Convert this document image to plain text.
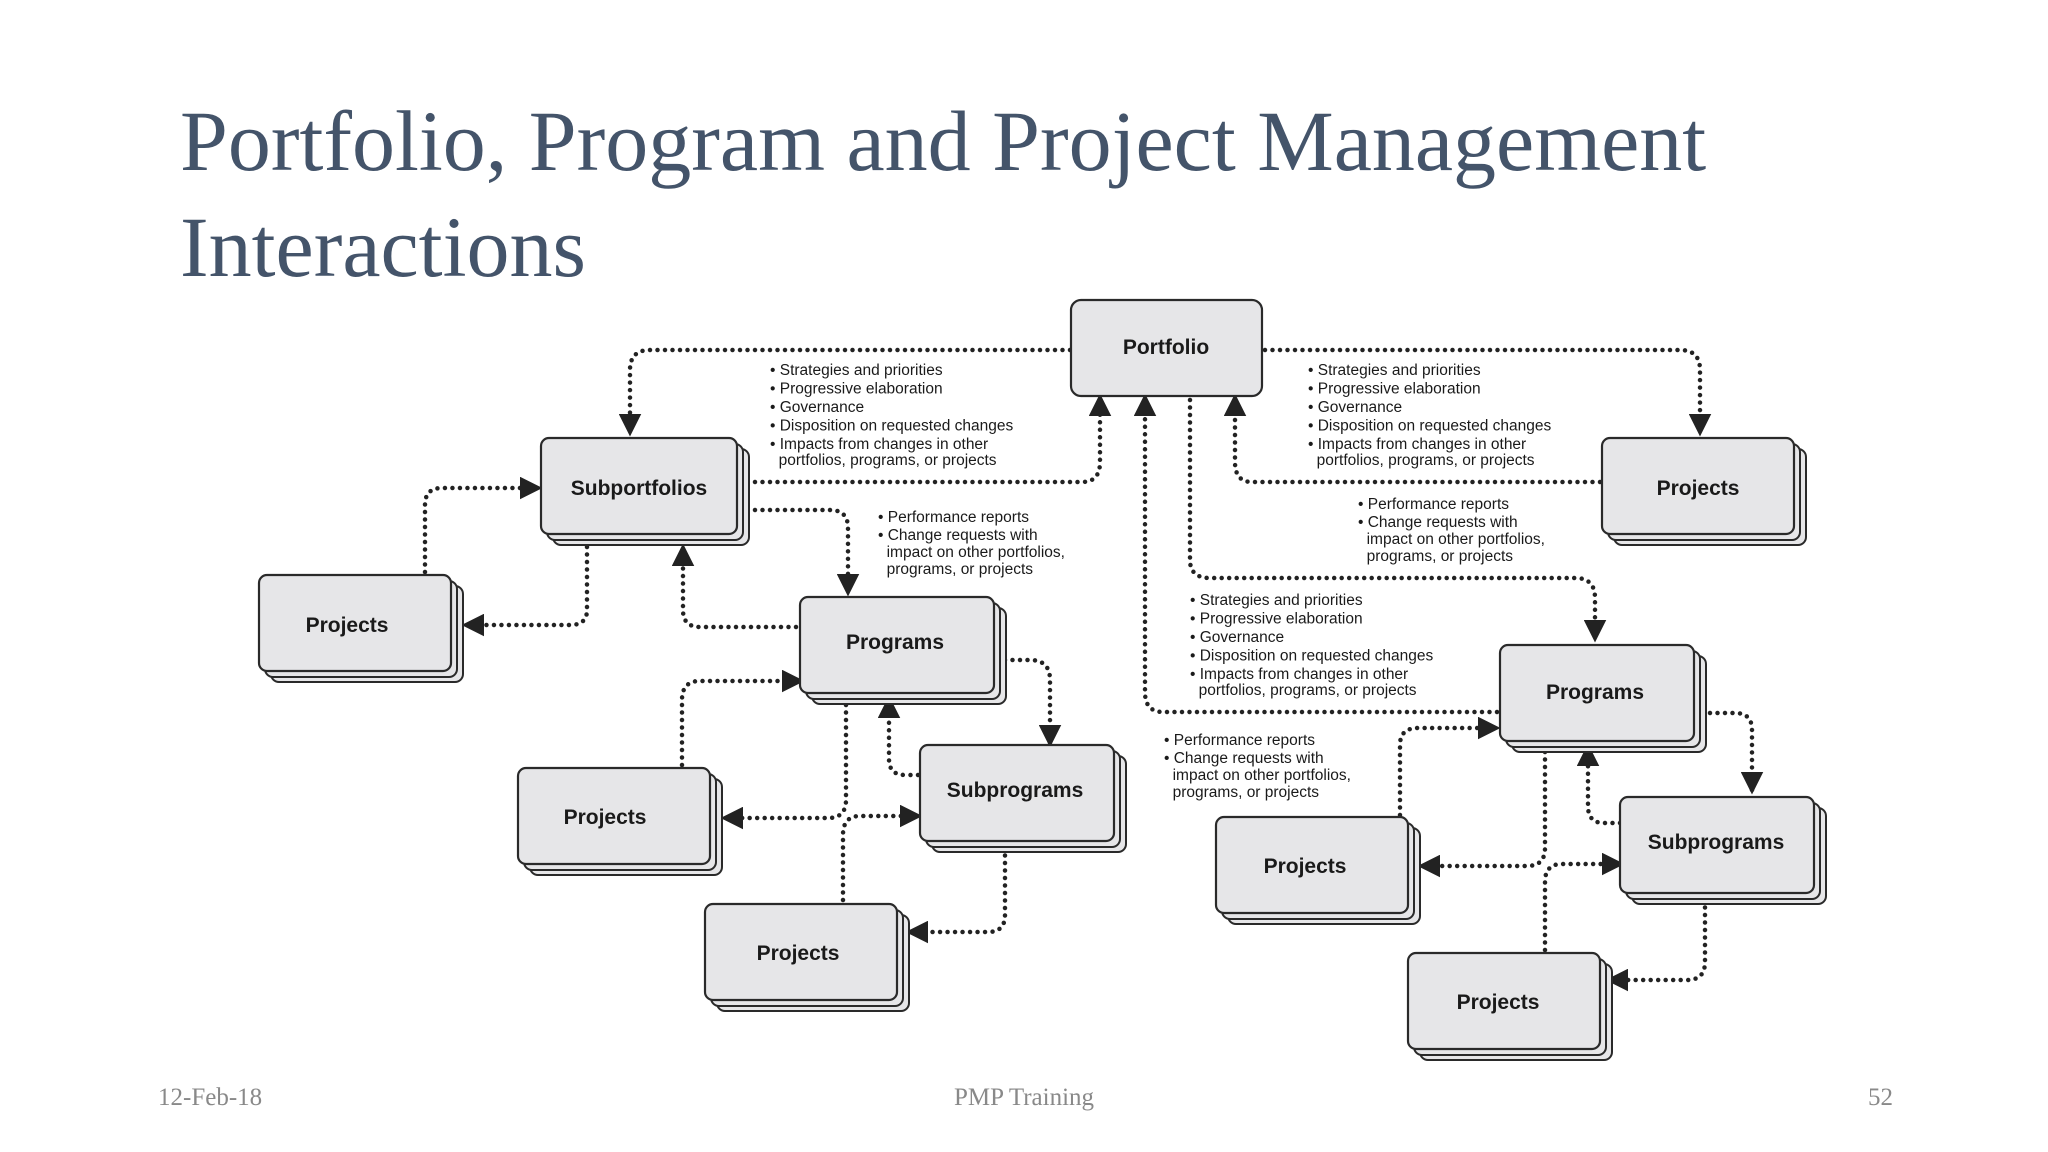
Portfolio, Program and Project Management
Interactions
Portfolio
Subportfolios	Projects
Projects
Programs
Projects
Subprograms
Projects
Programs
Subprograms
Projects
Projects
• Strategies and priorities
• Progressive elaboration
• Governance
• Disposition on requested changes
• Impacts from changes in other
portfolios, programs, or projects
• Strategies and priorities
• Progressive elaboration
• Governance
• Disposition on requested changes
• Impacts from changes in other
portfolios, programs, or projects
• Performance reports
• Change requests with
impact on other portfolios,
programs, or projects
• Performance reports
• Change requests with
impact on other portfolios,
programs, or projects
• Strategies and priorities
• Progressive elaboration
• Governance
• Disposition on requested changes
• Impacts from changes in other
portfolios, programs, or projects
• Performance reports
• Change requests with
impact on other portfolios,
programs, or projects
12-Feb-18	PMP Training	52
